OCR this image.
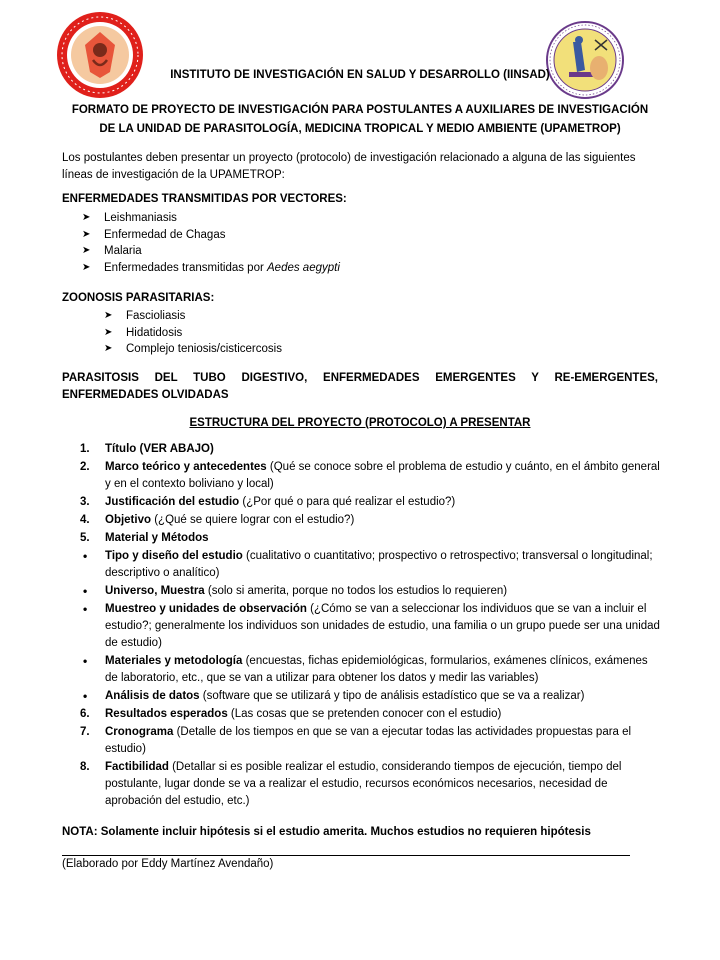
INSTITUTO DE INVESTIGACIÓN EN SALUD Y DESARROLLO (IINSAD)
FORMATO DE PROYECTO DE INVESTIGACIÓN PARA POSTULANTES A AUXILIARES DE INVESTIGACIÓN DE LA UNIDAD DE PARASITOLOGÍA, MEDICINA TROPICAL Y MEDIO AMBIENTE (UPAMETROP)
Los postulantes deben presentar un proyecto (protocolo) de investigación relacionado a alguna de las siguientes líneas de investigación de la UPAMETROP:
ENFERMEDADES TRANSMITIDAS POR VECTORES:
➤ Leishmaniasis
➤ Enfermedad de Chagas
➤ Malaria
➤ Enfermedades transmitidas por Aedes aegypti
ZOONOSIS PARASITARIAS:
➤ Fascioliasis
➤ Hidatidosis
➤ Complejo teniosis/cisticercosis
PARASITOSIS DEL TUBO DIGESTIVO, ENFERMEDADES EMERGENTES Y RE-EMERGENTES, ENFERMEDADES OLVIDADAS
ESTRUCTURA DEL PROYECTO (PROTOCOLO) A PRESENTAR
1. Título (VER ABAJO)
2. Marco teórico y antecedentes (Qué se conoce sobre el problema de estudio y cuánto, en el ámbito general y en el contexto boliviano y local)
3. Justificación del estudio (¿Por qué o para qué realizar el estudio?)
4. Objetivo (¿Qué se quiere lograr con el estudio?)
5. Material y Métodos
• Tipo y diseño del estudio (cualitativo o cuantitativo; prospectivo o retrospectivo; transversal o longitudinal; descriptivo o analítico)
• Universo, Muestra (solo si amerita, porque no todos los estudios lo requieren)
• Muestreo y unidades de observación (¿Cómo se van a seleccionar los individuos que se van a incluir el estudio?; generalmente los individuos son unidades de estudio, una familia o un grupo puede ser una unidad de estudio)
• Materiales y metodología (encuestas, fichas epidemiológicas, formularios, exámenes clínicos, exámenes de laboratorio, etc., que se van a utilizar para obtener los datos y medir las variables)
• Análisis de datos (software que se utilizará y tipo de análisis estadístico que se va a realizar)
6. Resultados esperados (Las cosas que se pretenden conocer con el estudio)
7. Cronograma (Detalle de los tiempos en que se van a ejecutar todas las actividades propuestas para el estudio)
8. Factibilidad (Detallar si es posible realizar el estudio, considerando tiempos de ejecución, tiempo del postulante, lugar donde se va a realizar el estudio, recursos económicos necesarios, necesidad de aprobación del estudio, etc.)
NOTA: Solamente incluir hipótesis si el estudio amerita. Muchos estudios no requieren hipótesis
(Elaborado por Eddy Martínez Avendaño)
